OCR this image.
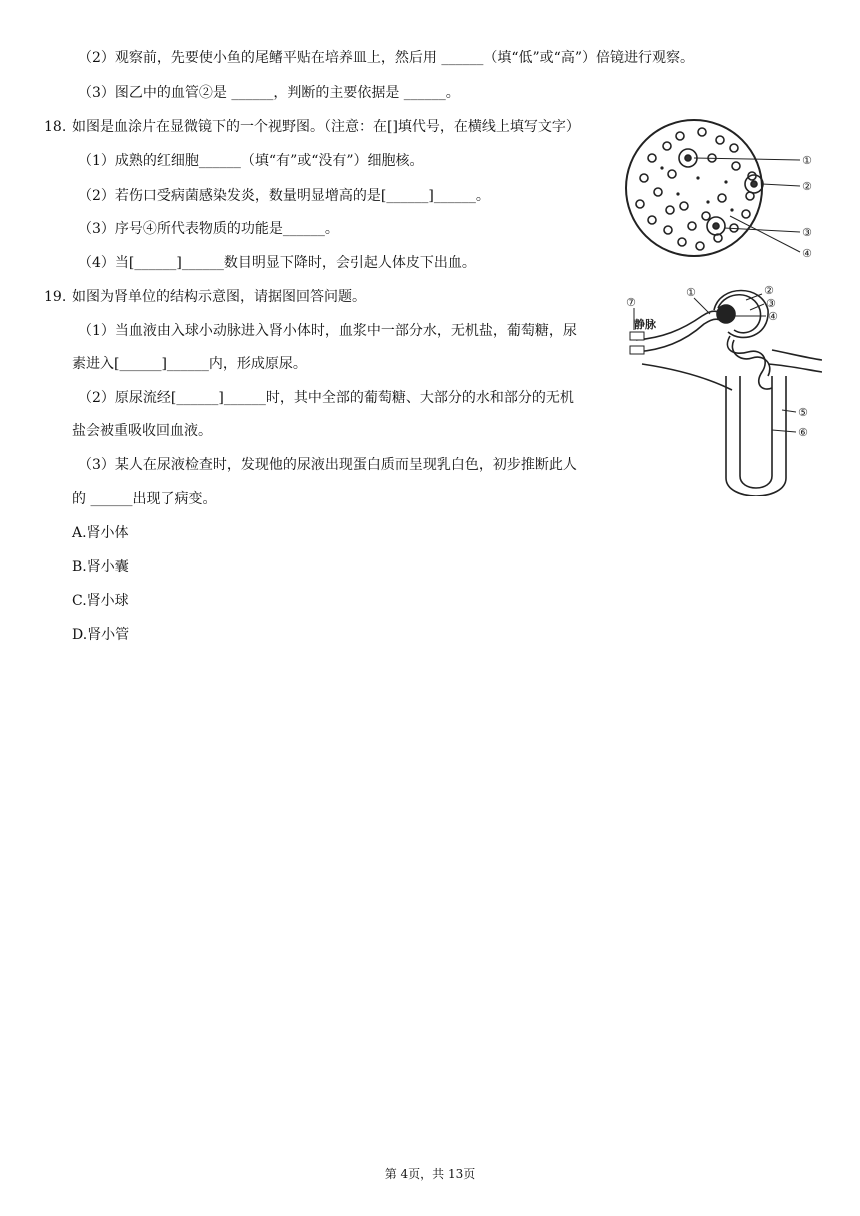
（2）观察前，先要使小鱼的尾鳍平贴在培养皿上，然后用 ______（填“低”或“高”）倍镜进行观察。
（3）图乙中的血管②是 ______，判断的主要依据是 ______。
18. 如图是血涂片在显微镜下的一个视野图。（注意：在[]填代号，在横线上填写文字）
（1）成熟的红细胞______（填“有”或“没有”）细胞核。
（2）若伤口受病菌感染发炎，数量明显增高的是[______]______。
（3）序号④所代表物质的功能是______。
（4）当[______]______数目明显下降时，会引起人体皮下出血。
①
②
③
④
19. 如图为肾单位的结构示意图，请据图回答问题。
（1）当血液由入球小动脉进入肾小体时，血浆中一部分水，无机盐，葡萄糖，尿
素进入[______]______内，形成原尿。
（2）原尿流经[______]______时，其中全部的葡萄糖、大部分的水和部分的无机
盐会被重吸收回血液。
（3）某人在尿液检查时，发现他的尿液出现蛋白质而呈现乳白色，初步推断此人
的 ______出现了病变。
A.肾小体
B.肾小囊
C.肾小球
D.肾小管
⑦
①	②
③
④
⑤
⑥
静脉
第 4页，共 13页
